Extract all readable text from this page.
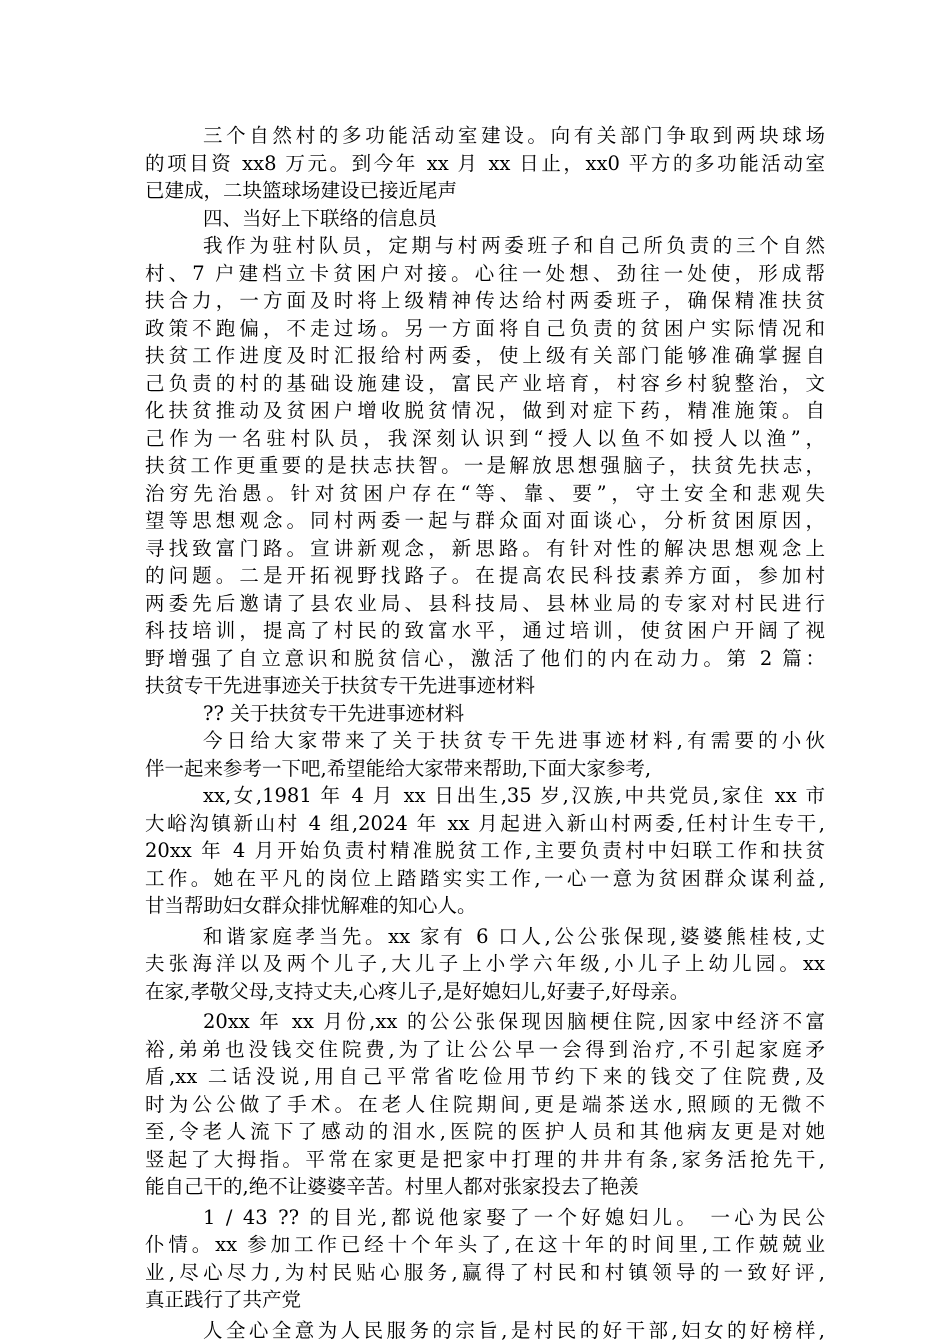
三个自然村的多功能活动室建设。向有关部门争取到两块球场
的项目资 xx8 万元。到今年 xx 月 xx 日止，xx0 平方的多功能活动室
已建成，二块篮球场建设已接近尾声
四、当好上下联络的信息员
我作为驻村队员，定期与村两委班子和自己所负责的三个自然
村、7 户建档立卡贫困户对接。心往一处想、劲往一处使，形成帮
扶合力，一方面及时将上级精神传达给村两委班子，确保精准扶贫
政策不跑偏，不走过场。另一方面将自己负责的贫困户实际情况和
扶贫工作进度及时汇报给村两委，使上级有关部门能够准确掌握自
己负责的村的基础设施建设，富民产业培育，村容乡村貌整治，文
化扶贫推动及贫困户增收脱贫情况，做到对症下药，精准施策。自
己作为一名驻村队员，我深刻认识到“授人以鱼不如授人以渔”，
扶贫工作更重要的是扶志扶智。一是解放思想强脑子，扶贫先扶志，
治穷先治愚。针对贫困户存在“等、靠、要”，守土安全和悲观失
望等思想观念。同村两委一起与群众面对面谈心，分析贫困原因，
寻找致富门路。宣讲新观念，新思路。有针对性的解决思想观念上
的问题。二是开拓视野找路子。在提高农民科技素养方面，参加村
两委先后邀请了县农业局、县科技局、县林业局的专家对村民进行
科技培训，提高了村民的致富水平，通过培训，使贫困户开阔了视
野增强了自立意识和脱贫信心，激活了他们的内在动力。第 2 篇：
扶贫专干先进事迹关于扶贫专干先进事迹材料
?? 关于扶贫专干先进事迹材料
今日给大家带来了关于扶贫专干先进事迹材料,有需要的小伙
伴一起来参考一下吧,希望能给大家带来帮助,下面大家参考,
xx,女,1981 年 4 月 xx 日出生,35 岁,汉族,中共党员,家住 xx 市
大峪沟镇新山村 4 组,2024 年 xx 月起进入新山村两委,任村计生专干,
20xx 年 4 月开始负责村精准脱贫工作,主要负责村中妇联工作和扶贫
工作。她在平凡的岗位上踏踏实实工作,一心一意为贫困群众谋利益,
甘当帮助妇女群众排忧解难的知心人。
和谐家庭孝当先。xx 家有 6 口人,公公张保现,婆婆熊桂枝,丈
夫张海洋以及两个儿子,大儿子上小学六年级,小儿子上幼儿园。xx
在家,孝敬父母,支持丈夫,心疼儿子,是好媳妇儿,好妻子,好母亲。
20xx 年 xx 月份,xx 的公公张保现因脑梗住院,因家中经济不富
裕,弟弟也没钱交住院费,为了让公公早一会得到治疗,不引起家庭矛
盾,xx 二话没说,用自己平常省吃俭用节约下来的钱交了住院费,及
时为公公做了手术。在老人住院期间,更是端茶送水,照顾的无微不
至,令老人流下了感动的泪水,医院的医护人员和其他病友更是对她
竖起了大拇指。平常在家更是把家中打理的井井有条,家务活抢先干,
能自己干的,绝不让婆婆辛苦。村里人都对张家投去了艳羡
1 / 43 ?? 的目光,都说他家娶了一个好媳妇儿。 一心为民公
仆情。xx 参加工作已经十个年头了,在这十年的时间里,工作兢兢业
业,尽心尽力,为村民贴心服务,赢得了村民和村镇领导的一致好评,
真正践行了共产党
人全心全意为人民服务的宗旨,是村民的好干部,妇女的好榜样,
